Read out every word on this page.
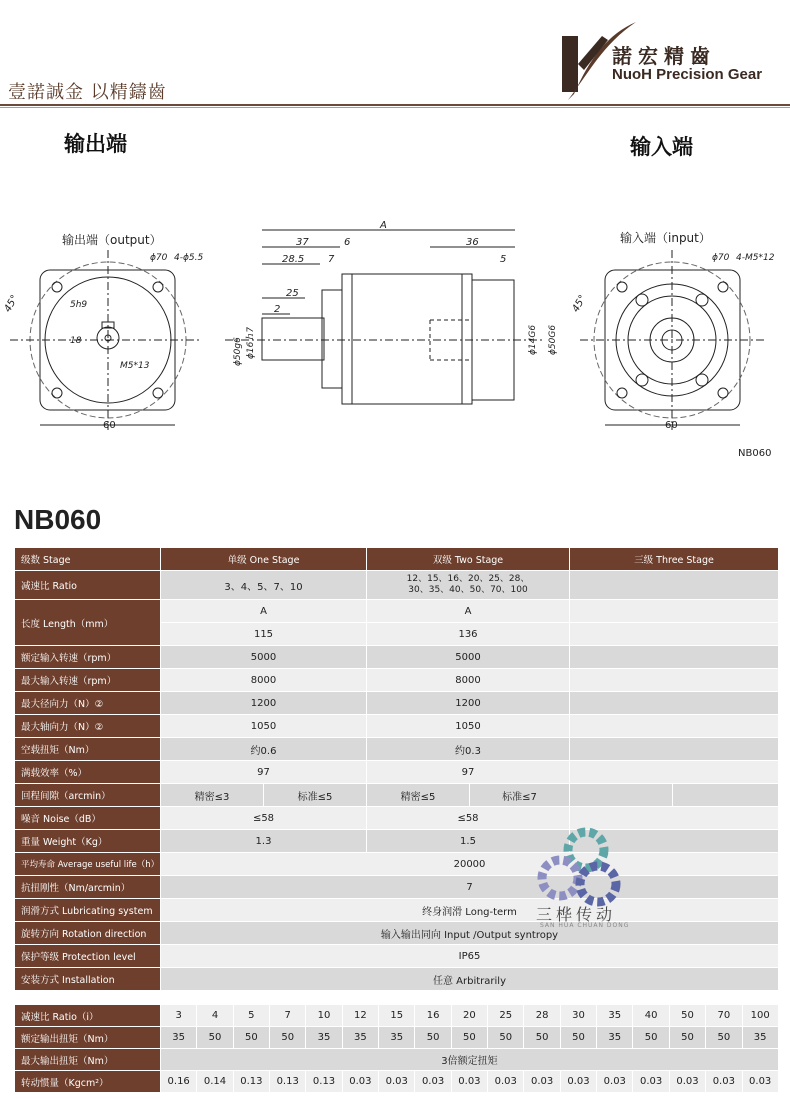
諾宏精齒
NuoH Precision Gear
壹諾誠金 以精鑄齒
输出端	输入端
输出端（output）
60
45°
ϕ70 4-ϕ5.5
5h9
18
M5*13
A
37	6
28.5 7
25
2
36
5
ϕ50g6 ϕ16ｈ7	ϕ14G6 ϕ50G6
输入端（input）
60
45°
ϕ70 4-M5*12
NB060
NB060
级数 Stage	单级 One Stage		双级 Two Stage		三级 Three Stage	
减速比 Ratio	3、4、5、7、10		12、15、16、20、25、28、
30、35、40、50、70、100			
长度 Length（mm）	A		A			
	115		136			
额定输入转速（rpm）	5000		5000			
最大输入转速（rpm）	8000		8000			
最大径向力（N）②	1200		1200			
最大轴向力（N）②	1050		1050			
空载扭矩（Nm）	约0.6		约0.3			
满载效率（%）	97		97			
回程间隙（arcmin）	精密≤3	标准≤5	精密≤5	标准≤7		
噪音 Noise（dB）	≤58		≤58			
重量 Weight（Kg）	1.3		1.5			
平均寿命 Average useful life（h）	20000					
抗扭刚性（Nm/arcmin）	7					
润滑方式 Lubricating system	终身润滑 Long-term					
旋转方向 Rotation direction	输入输出同向 Input /Output syntropy					
保护等级 Protection level	IP65					
安装方式 Installation	任意 Arbitrarily					
三桦传动
SAN HUA CHUAN DONG
减速比 Ratio（i）	3	4	5	7	10	12	15	16	20	25	28	30	35	40	50	70	100
额定输出扭矩（Nm）	35	50	50	50	35	35	35	50	50	50	50	50	35	50	50	50	35
最大输出扭矩（Nm）	3倍额定扭矩																
转动惯量（Kgcm²）	0.16	0.14	0.13	0.13	0.13	0.03	0.03	0.03	0.03	0.03	0.03	0.03	0.03	0.03	0.03	0.03	0.03
